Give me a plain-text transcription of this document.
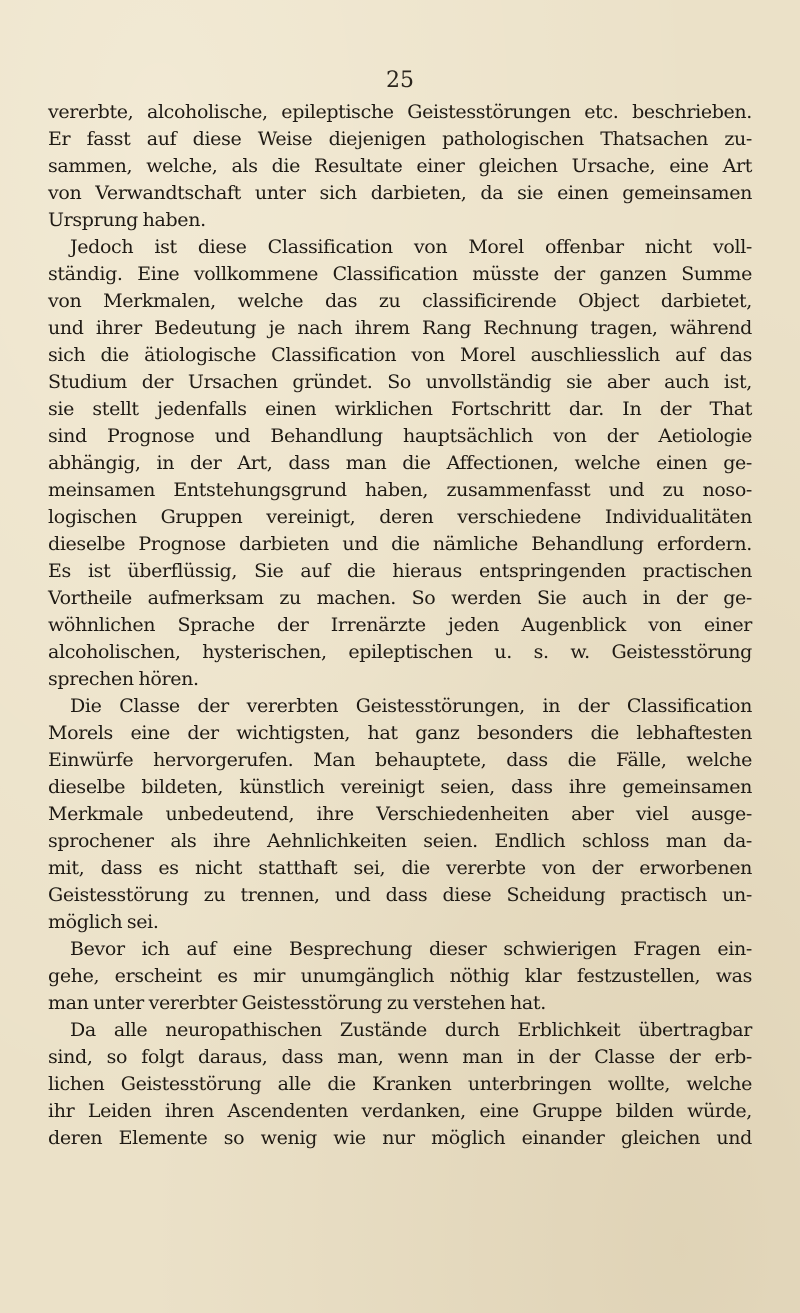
25
vererbte, alcoholische, epileptische Geistesstörungen etc. beschrieben.
Er fasst auf diese Weise diejenigen pathologischen Thatsachen zu-
sammen, welche, als die Resultate einer gleichen Ursache, eine Art
von Verwandtschaft unter sich darbieten, da sie einen gemeinsamen
Ursprung haben.
Jedoch ist diese Classification von Morel offenbar nicht voll-
ständig. Eine vollkommene Classification müsste der ganzen Summe
von Merkmalen, welche das zu classificirende Object darbietet,
und ihrer Bedeutung je nach ihrem Rang Rechnung tragen, während
sich die ätiologische Classification von Morel auschliesslich auf das
Studium der Ursachen gründet. So unvollständig sie aber auch ist,
sie stellt jedenfalls einen wirklichen Fortschritt dar. In der That
sind Prognose und Behandlung hauptsächlich von der Aetiologie
abhängig, in der Art, dass man die Affectionen, welche einen ge-
meinsamen Entstehungsgrund haben, zusammenfasst und zu noso-
logischen Gruppen vereinigt, deren verschiedene Individualitäten
dieselbe Prognose darbieten und die nämliche Behandlung erfordern.
Es ist überflüssig, Sie auf die hieraus entspringenden practischen
Vortheile aufmerksam zu machen. So werden Sie auch in der ge-
wöhnlichen Sprache der Irrenärzte jeden Augenblick von einer
alcoholischen, hysterischen, epileptischen u. s. w. Geistesstörung
sprechen hören.
Die Classe der vererbten Geistesstörungen, in der Classification
Morels eine der wichtigsten, hat ganz besonders die lebhaftesten
Einwürfe hervorgerufen. Man behauptete, dass die Fälle, welche
dieselbe bildeten, künstlich vereinigt seien, dass ihre gemeinsamen
Merkmale unbedeutend, ihre Verschiedenheiten aber viel ausge-
sprochener als ihre Aehnlichkeiten seien. Endlich schloss man da-
mit, dass es nicht statthaft sei, die vererbte von der erworbenen
Geistesstörung zu trennen, und dass diese Scheidung practisch un-
möglich sei.
Bevor ich auf eine Besprechung dieser schwierigen Fragen ein-
gehe, erscheint es mir unumgänglich nöthig klar festzustellen, was
man unter vererbter Geistesstörung zu verstehen hat.
Da alle neuropathischen Zustände durch Erblichkeit übertragbar
sind, so folgt daraus, dass man, wenn man in der Classe der erb-
lichen Geistesstörung alle die Kranken unterbringen wollte, welche
ihr Leiden ihren Ascendenten verdanken, eine Gruppe bilden würde,
deren Elemente so wenig wie nur möglich einander gleichen und
